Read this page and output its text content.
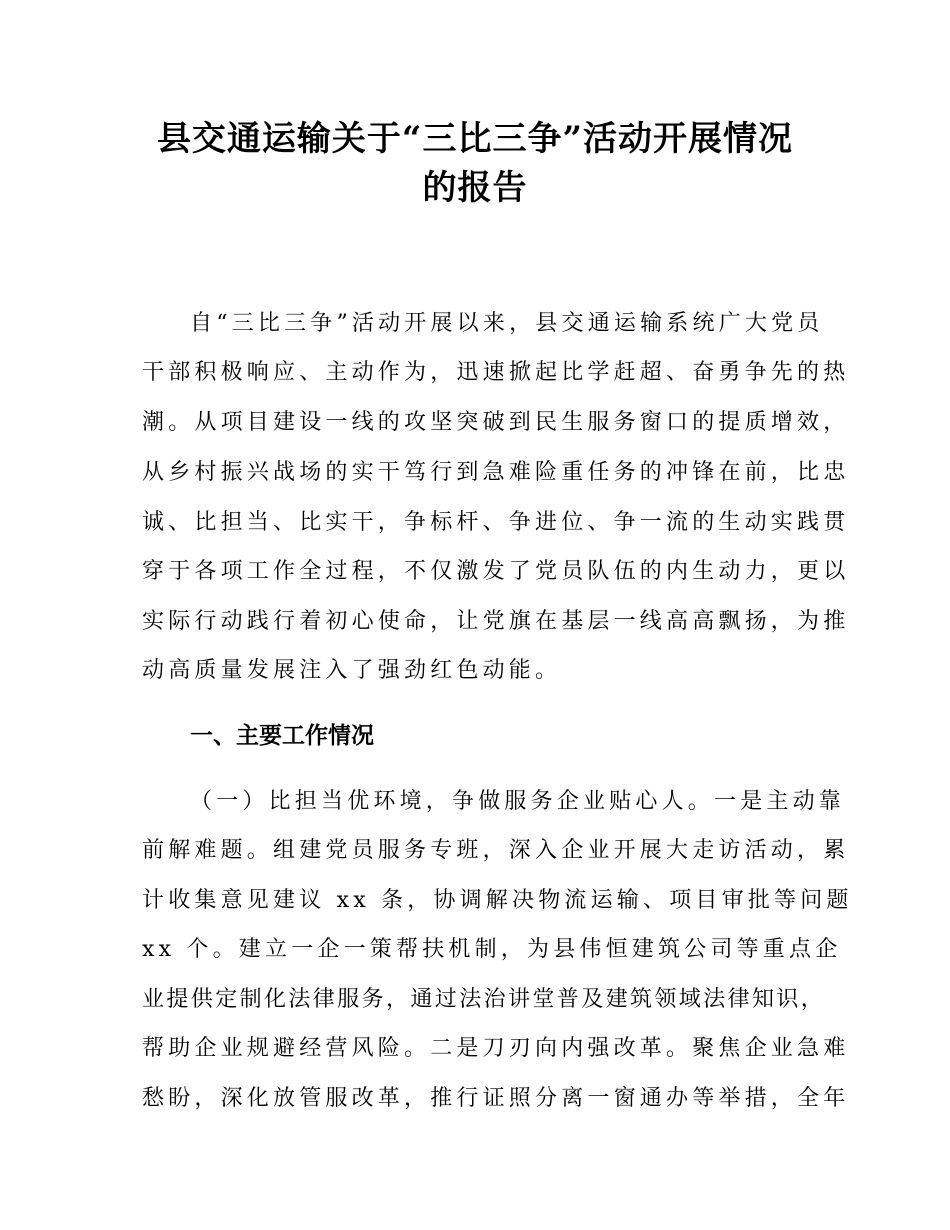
县交通运输关于“三比三争”活动开展情况
的报告
自“三比三争”活动开展以来，县交通运输系统广大党员
干部积极响应、主动作为，迅速掀起比学赶超、奋勇争先的热
潮。从项目建设一线的攻坚突破到民生服务窗口的提质增效，
从乡村振兴战场的实干笃行到急难险重任务的冲锋在前，比忠
诚、比担当、比实干，争标杆、争进位、争一流的生动实践贯
穿于各项工作全过程，不仅激发了党员队伍的内生动力，更以
实际行动践行着初心使命，让党旗在基层一线高高飘扬，为推
动高质量发展注入了强劲红色动能。
一、主要工作情况
（一）比担当优环境，争做服务企业贴心人。一是主动靠
前解难题。组建党员服务专班，深入企业开展大走访活动，累
计收集意见建议 xx 条，协调解决物流运输、项目审批等问题
xx 个。建立一企一策帮扶机制，为县伟恒建筑公司等重点企
业提供定制化法律服务，通过法治讲堂普及建筑领域法律知识，
帮助企业规避经营风险。二是刀刃向内强改革。聚焦企业急难
愁盼，深化放管服改革，推行证照分离一窗通办等举措，全年
